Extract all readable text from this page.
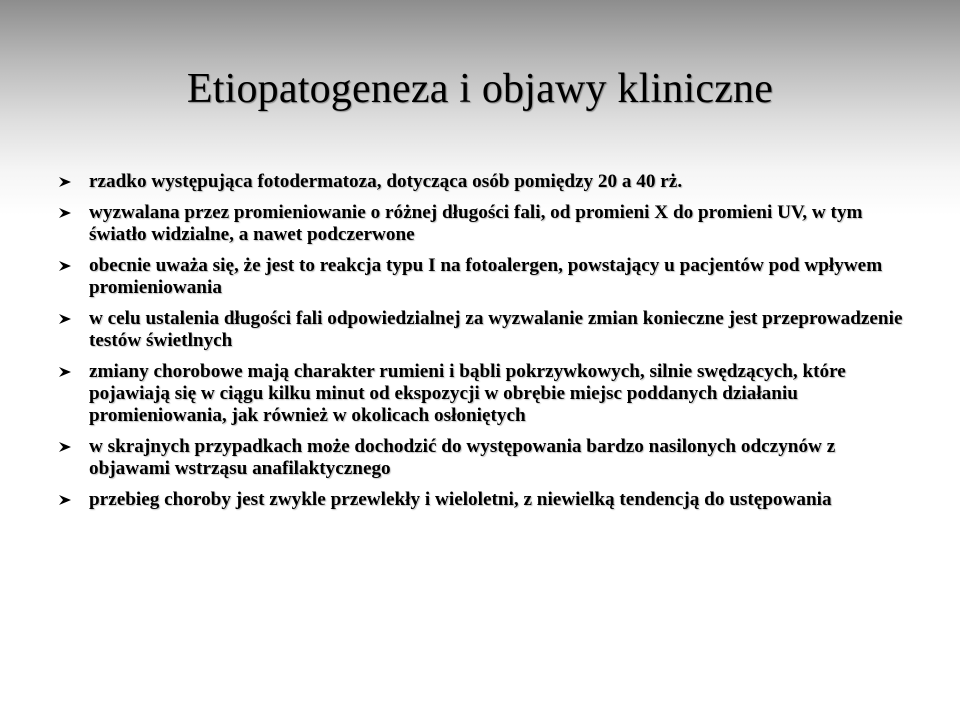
Etiopatogeneza i objawy kliniczne
rzadko występująca fotodermatoza, dotycząca osób pomiędzy 20 a 40 rż.
wyzwalana przez promieniowanie o różnej długości fali, od promieni X do promieni UV, w tym światło widzialne, a nawet podczerwone
obecnie uważa się, że jest to reakcja typu I na fotoalergen, powstający u pacjentów pod wpływem promieniowania
w celu ustalenia długości fali odpowiedzialnej za wyzwalanie zmian konieczne jest przeprowadzenie testów świetlnych
zmiany chorobowe mają charakter rumieni i bąbli pokrzywkowych, silnie swędzących, które pojawiają się w ciągu kilku minut od ekspozycji w obrębie miejsc poddanych działaniu promieniowania, jak również w okolicach osłoniętych
w skrajnych przypadkach może dochodzić do występowania bardzo nasilonych odczynów z objawami wstrząsu anafilaktycznego
przebieg choroby jest zwykle przewlekły i wieloletni, z niewielką tendencją do ustępowania
